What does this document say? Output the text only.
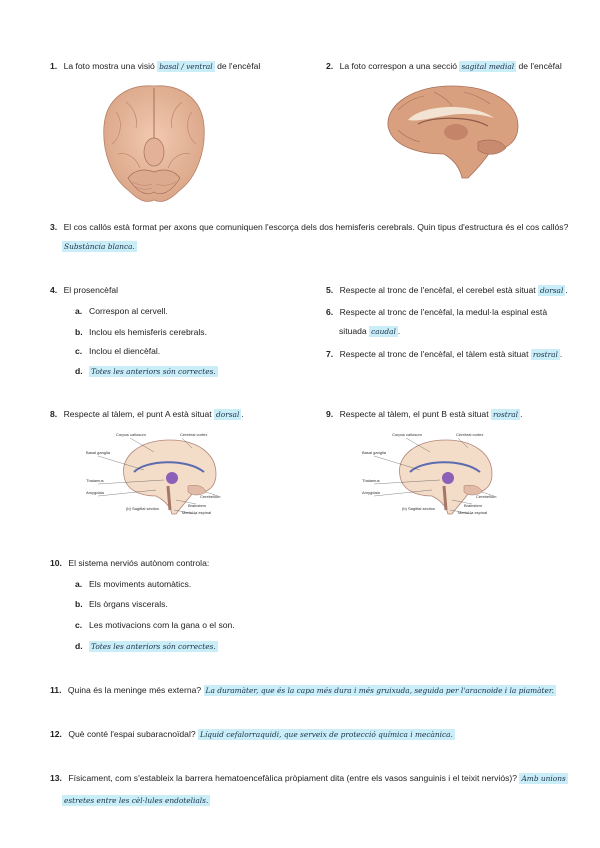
1. La foto mostra una visió basal / ventral de l'encèfal	2. La foto correspon a una secció sagital medial de l'encèfal
3. El cos callós està format per axons que comuniquen l'escorça dels dos hemisferis cerebrals. Quin tipus d'estructura és el cos callós?
Substància blanca.
4. El prosencèfal
a. Correspon al cervell.
b. Inclou els hemisferis cerebrals.
c. Inclou el diencèfal.
d. Totes les anteriors són correctes.
5. Respecte al tronc de l'encèfal, el cerebel està situat dorsal .
6. Respecte al tronc de l'encèfal, la medul·la espinal està
situada caudal .
7. Respecte al tronc de l'encèfal, el tàlem està situat rostral .
8. Respecte al tàlem, el punt A està situat dorsal .	9. Respecte al tàlem, el punt B està situat rostral .
Corpus callosum	Cerebral cortex
Basal ganglia
Thalamus
Amygdala
Cerebellum
Brainstem
(b) Sagittal section
Medul·la espinal
Corpus callosum	Cerebral cortex
Basal ganglia
Thalamus
Amygdala
Cerebellum
Brainstem
(b) Sagittal section
Medul·la espinal
10. El sistema nerviós autònom controla:
a. Els moviments automàtics.
b. Els òrgans viscerals.
c. Les motivacions com la gana o el son.
d. Totes les anteriors són correctes.
11. Quina és la meninge més externa? La duramàter, que és la capa més dura i més gruixuda, seguida per l'aracnoide i la piamàter.
12. Què conté l'espai subaracnoïdal? Líquid cefalorraquidi, que serveix de protecció química i mecànica.
13. Físicament, com s'estableix la barrera hematoencefàlica pròpiament dita (entre els vasos sanguinis i el teixit nerviós)? Amb unions
estretes entre les cèl·lules endotelials.
